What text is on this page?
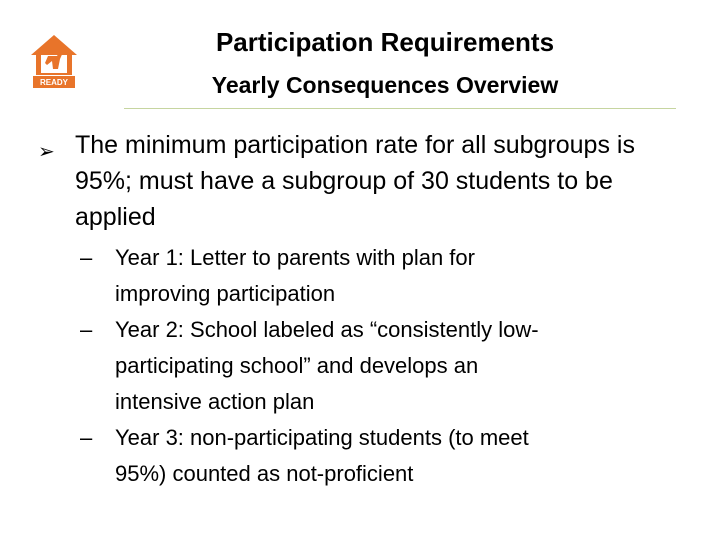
READY
Participation Requirements
Yearly Consequences Overview
➢ The minimum participation rate for all subgroups is 95%; must have a subgroup of 30 students to be applied
– Year 1: Letter to parents with plan for
improving participation
– Year 2: School labeled as “consistently low-
participating school” and develops an
intensive action plan
– Year 3: non-participating students (to meet
95%) counted as not-proficient
